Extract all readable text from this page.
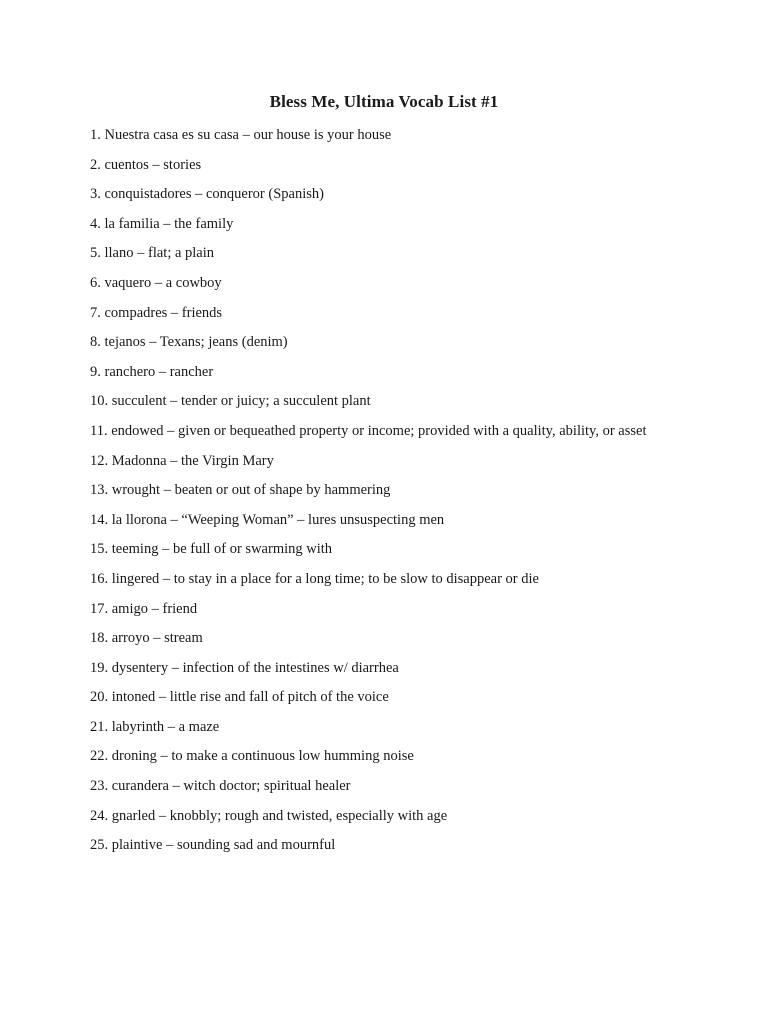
Bless Me, Ultima Vocab List #1
1. Nuestra casa es su casa – our house is your house
2. cuentos – stories
3. conquistadores – conqueror (Spanish)
4. la familia – the family
5. llano – flat; a plain
6. vaquero – a cowboy
7. compadres – friends
8. tejanos – Texans; jeans (denim)
9. ranchero – rancher
10. succulent – tender or juicy; a succulent plant
11. endowed – given or bequeathed property or income; provided with a quality, ability, or asset
12. Madonna – the Virgin Mary
13. wrought – beaten or out of shape by hammering
14. la llorona – “Weeping Woman” – lures unsuspecting men
15. teeming – be full of or swarming with
16. lingered – to stay in a place for a long time; to be slow to disappear or die
17. amigo – friend
18. arroyo – stream
19. dysentery – infection of the intestines w/ diarrhea
20. intoned – little rise and fall of pitch of the voice
21. labyrinth – a maze
22. droning – to make a continuous low humming noise
23. curandera – witch doctor; spiritual healer
24. gnarled – knobbly; rough and twisted, especially with age
25. plaintive – sounding sad and mournful
